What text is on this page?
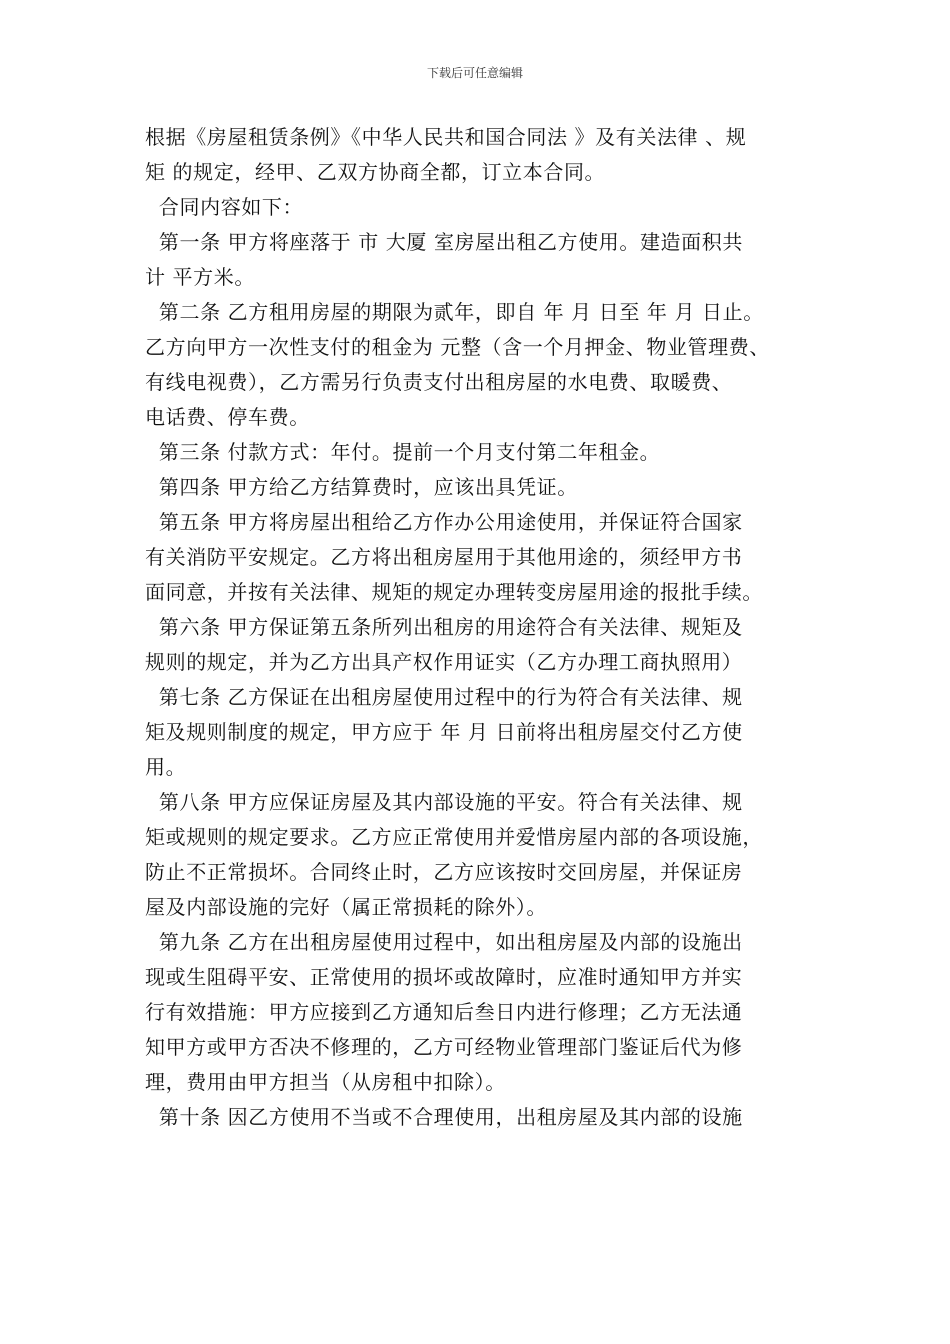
下载后可任意编辑
根据《房屋租赁条例》《中华人民共和国合同法 》及有关法律 、规
矩 的规定，经甲、乙双方协商全都，订立本合同。
合同内容如下：
第一条 甲方将座落于 市 大厦 室房屋出租乙方使用。建造面积共
计 平方米。
第二条 乙方租用房屋的期限为贰年，即自 年 月 日至 年 月 日止。
乙方向甲方一次性支付的租金为 元整（含一个月押金、物业管理费、
有线电视费），乙方需另行负责支付出租房屋的水电费、取暖费、
电话费、停车费。
第三条 付款方式：年付。提前一个月支付第二年租金。
第四条 甲方给乙方结算费时，应该出具凭证。
第五条 甲方将房屋出租给乙方作办公用途使用，并保证符合国家
有关消防平安规定。乙方将出租房屋用于其他用途的，须经甲方书
面同意，并按有关法律、规矩的规定办理转变房屋用途的报批手续。
第六条 甲方保证第五条所列出租房的用途符合有关法律、规矩及
规则的规定，并为乙方出具产权作用证实（乙方办理工商执照用）
第七条 乙方保证在出租房屋使用过程中的行为符合有关法律、规
矩及规则制度的规定，甲方应于 年 月 日前将出租房屋交付乙方使
用。
第八条 甲方应保证房屋及其内部设施的平安。符合有关法律、规
矩或规则的规定要求。乙方应正常使用并爱惜房屋内部的各项设施，
防止不正常损坏。合同终止时，乙方应该按时交回房屋，并保证房
屋及内部设施的完好（属正常损耗的除外）。
第九条 乙方在出租房屋使用过程中，如出租房屋及内部的设施出
现或生阻碍平安、正常使用的损坏或故障时，应准时通知甲方并实
行有效措施：甲方应接到乙方通知后叁日内进行修理；乙方无法通
知甲方或甲方否决不修理的，乙方可经物业管理部门鉴证后代为修
理，费用由甲方担当（从房租中扣除）。
第十条 因乙方使用不当或不合理使用，出租房屋及其内部的设施
